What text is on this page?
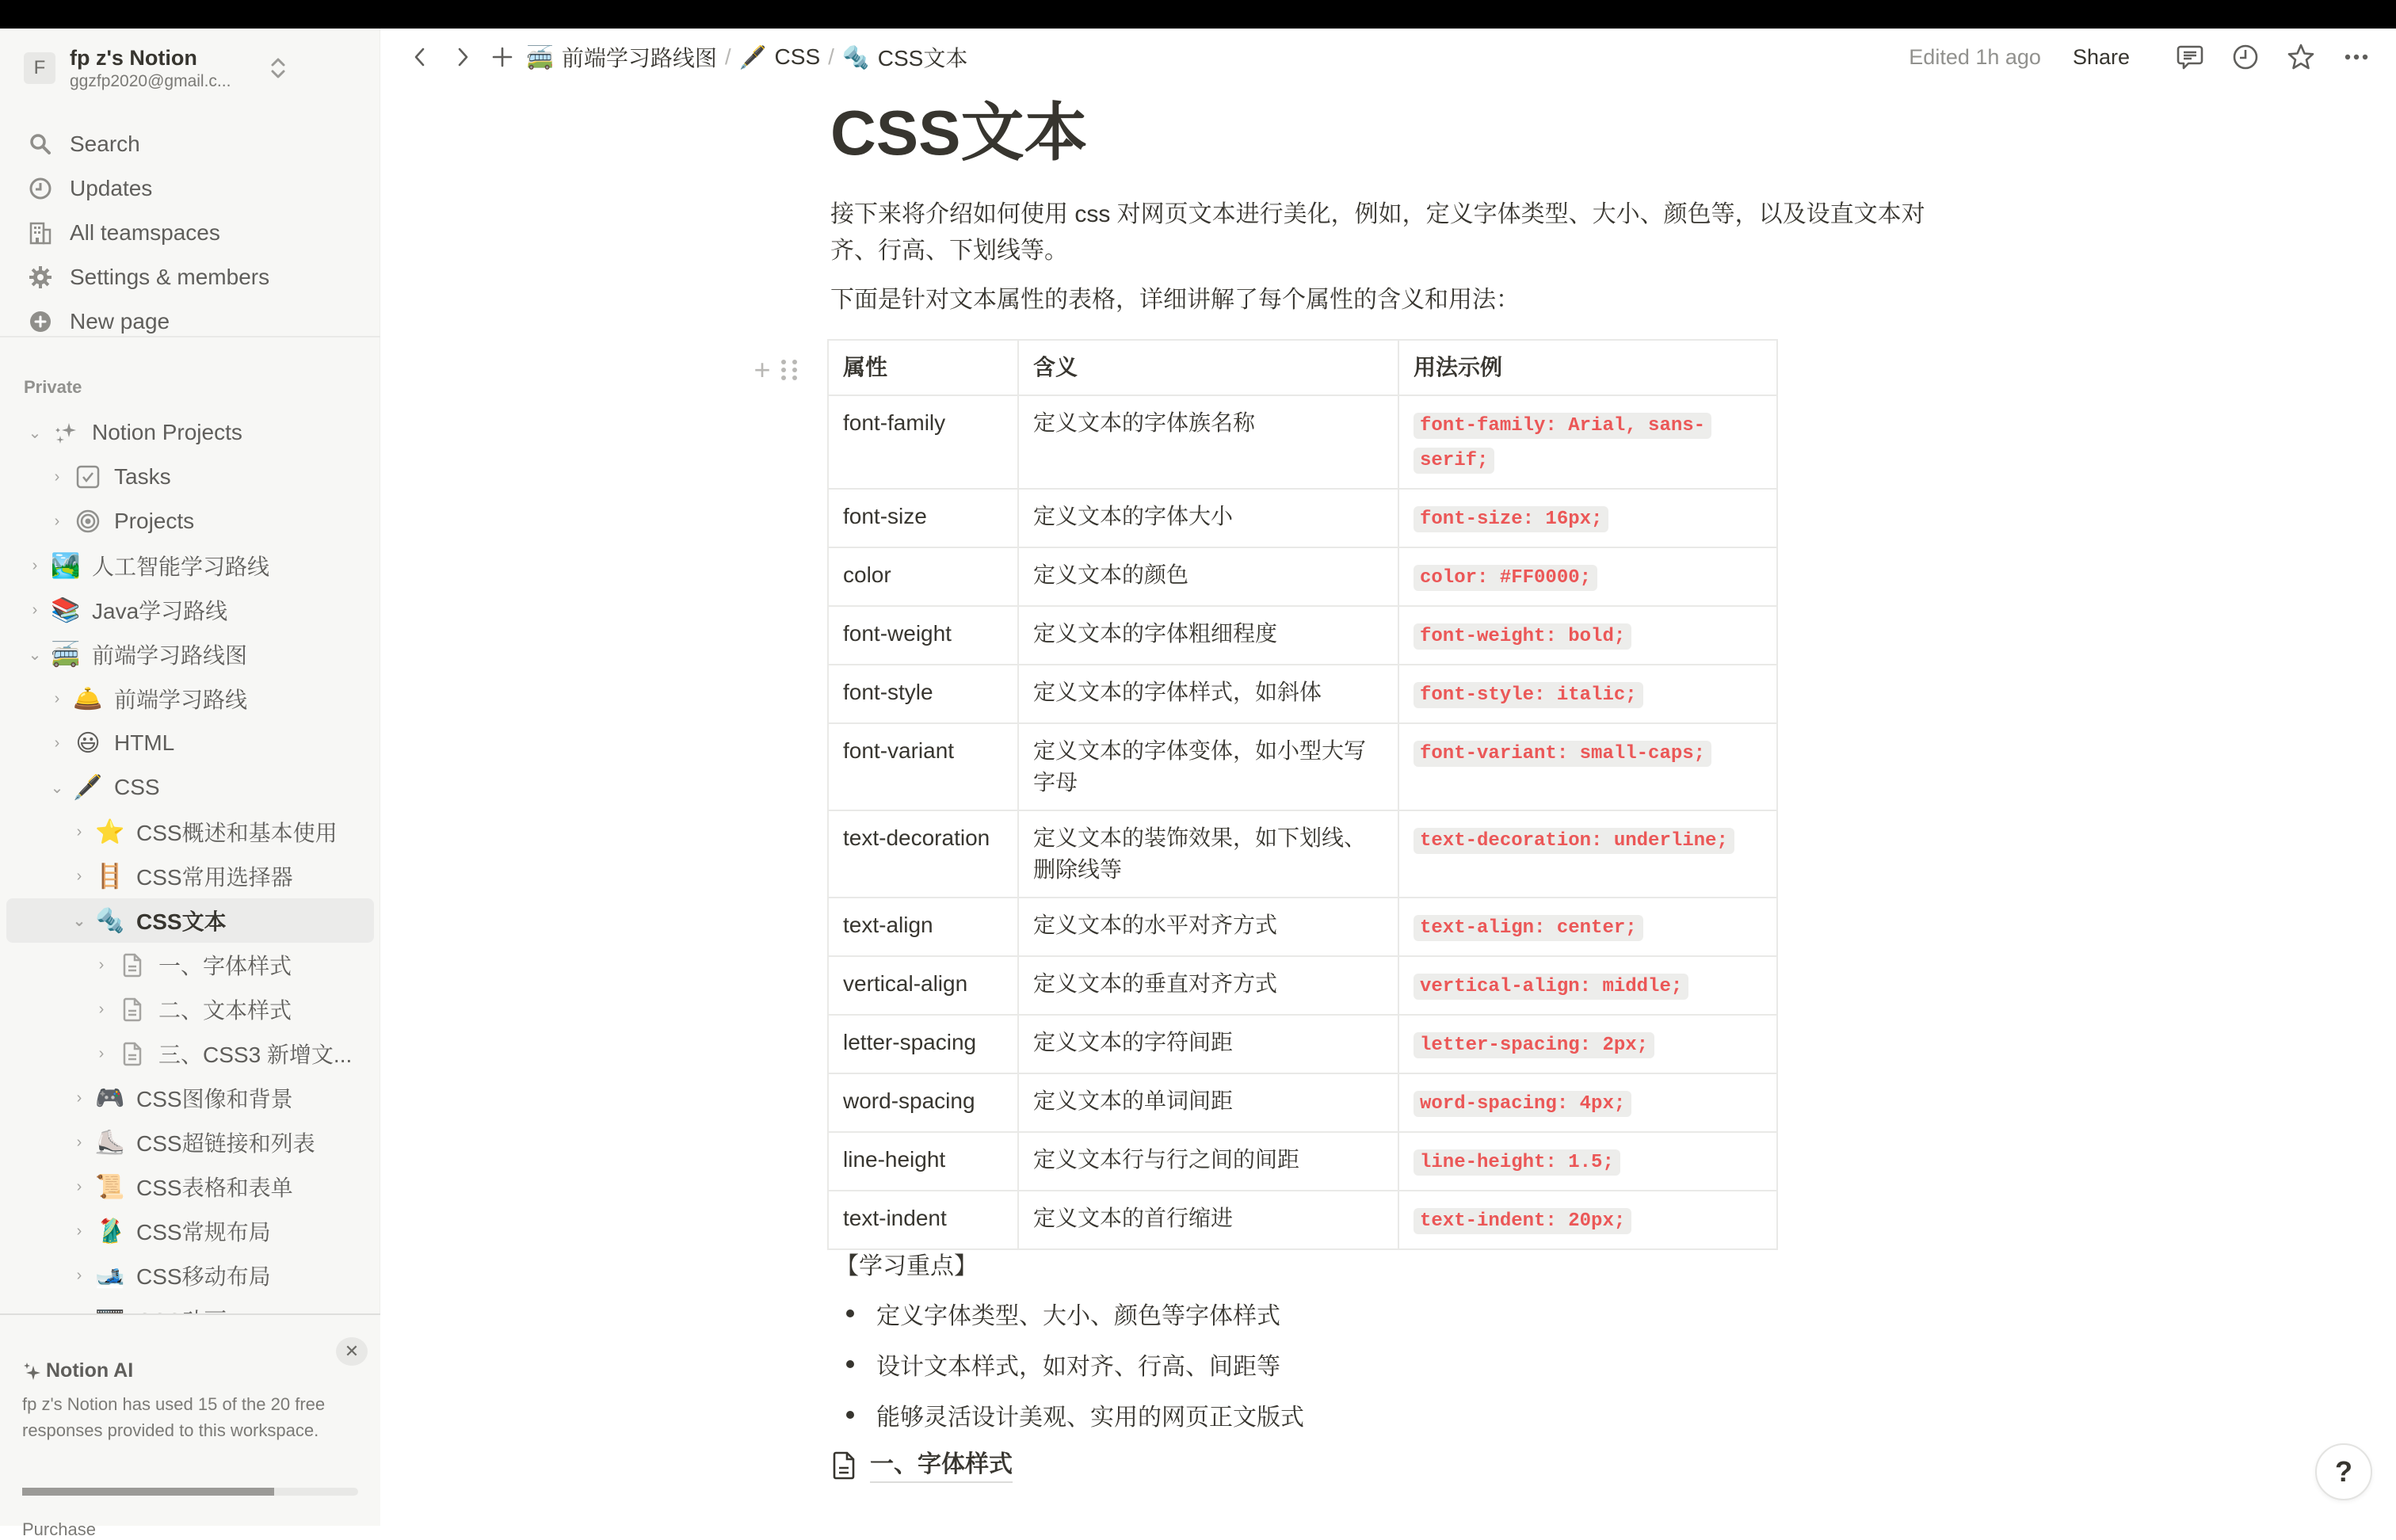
F	fp z's Notion
ggzfp2020@gmail.c...
Search
Updates
All teamspaces
Settings & members
New page
Private
⌄ Notion Projects
›	Tasks
›	Projects
› 🏞️ 人工智能学习路线
› 📚 Java学习路线
⌄ 🚎 前端学习路线图
› 🛎️ 前端学习路线
› 😃 HTML
⌄ 🖋️ CSS
› ⭐ CSS概述和基本使用
› 🪜 CSS常用选择器
⌄ 🔩 CSS文本
›	一、字体样式
›	二、文本样式
›	三、CSS3 新增文...
› 🎮 CSS图像和背景
› ⛸️ CSS超链接和列表
› 📜 CSS表格和表单
› 🥻 CSS常规布局
› 🎿 CSS移动布局
✕
Notion AI
fp z's Notion has used 15 of the 20 free responses provided to this workspace.
Purchase
🚎 前端学习路线图 / 🖋️ CSS / 🔩 CSS文本	Edited 1h ago Share
CSS文本

接下来将介绍如何使用 css 对网页文本进行美化，例如，定义字体类型、大小、颜色等，以及设直文本对齐、行高、下划线等。

下面是针对文本属性的表格，详细讲解了每个属性的含义和用法：

+	属性	含义	用法示例
font-family	定义文本的字体族名称	font-family: Arial, sans-serif;
font-size	定义文本的字体大小	font-size: 16px;
color	定义文本的颜色	color: #FF0000;
font-weight	定义文本的字体粗细程度	font-weight: bold;
font-style	定义文本的字体样式，如斜体	font-style: italic;
font-variant	定义文本的字体变体，如小型大写字母	font-variant: small-caps;
text-decoration	定义文本的装饰效果，如下划线、删除线等	text-decoration: underline;
text-align	定义文本的水平对齐方式	text-align: center;
vertical-align	定义文本的垂直对齐方式	vertical-align: middle;
letter-spacing	定义文本的字符间距	letter-spacing: 2px;
word-spacing	定义文本的单词间距	word-spacing: 4px;
line-height	定义文本行与行之间的间距	line-height: 1.5;
text-indent	定义文本的首行缩进	text-indent: 20px;
【学习重点】
定义字体类型、大小、颜色等字体样式
设计文本样式，如对齐、行高、间距等
能够灵活设计美观、实用的网页正文版式
一、字体样式	?
